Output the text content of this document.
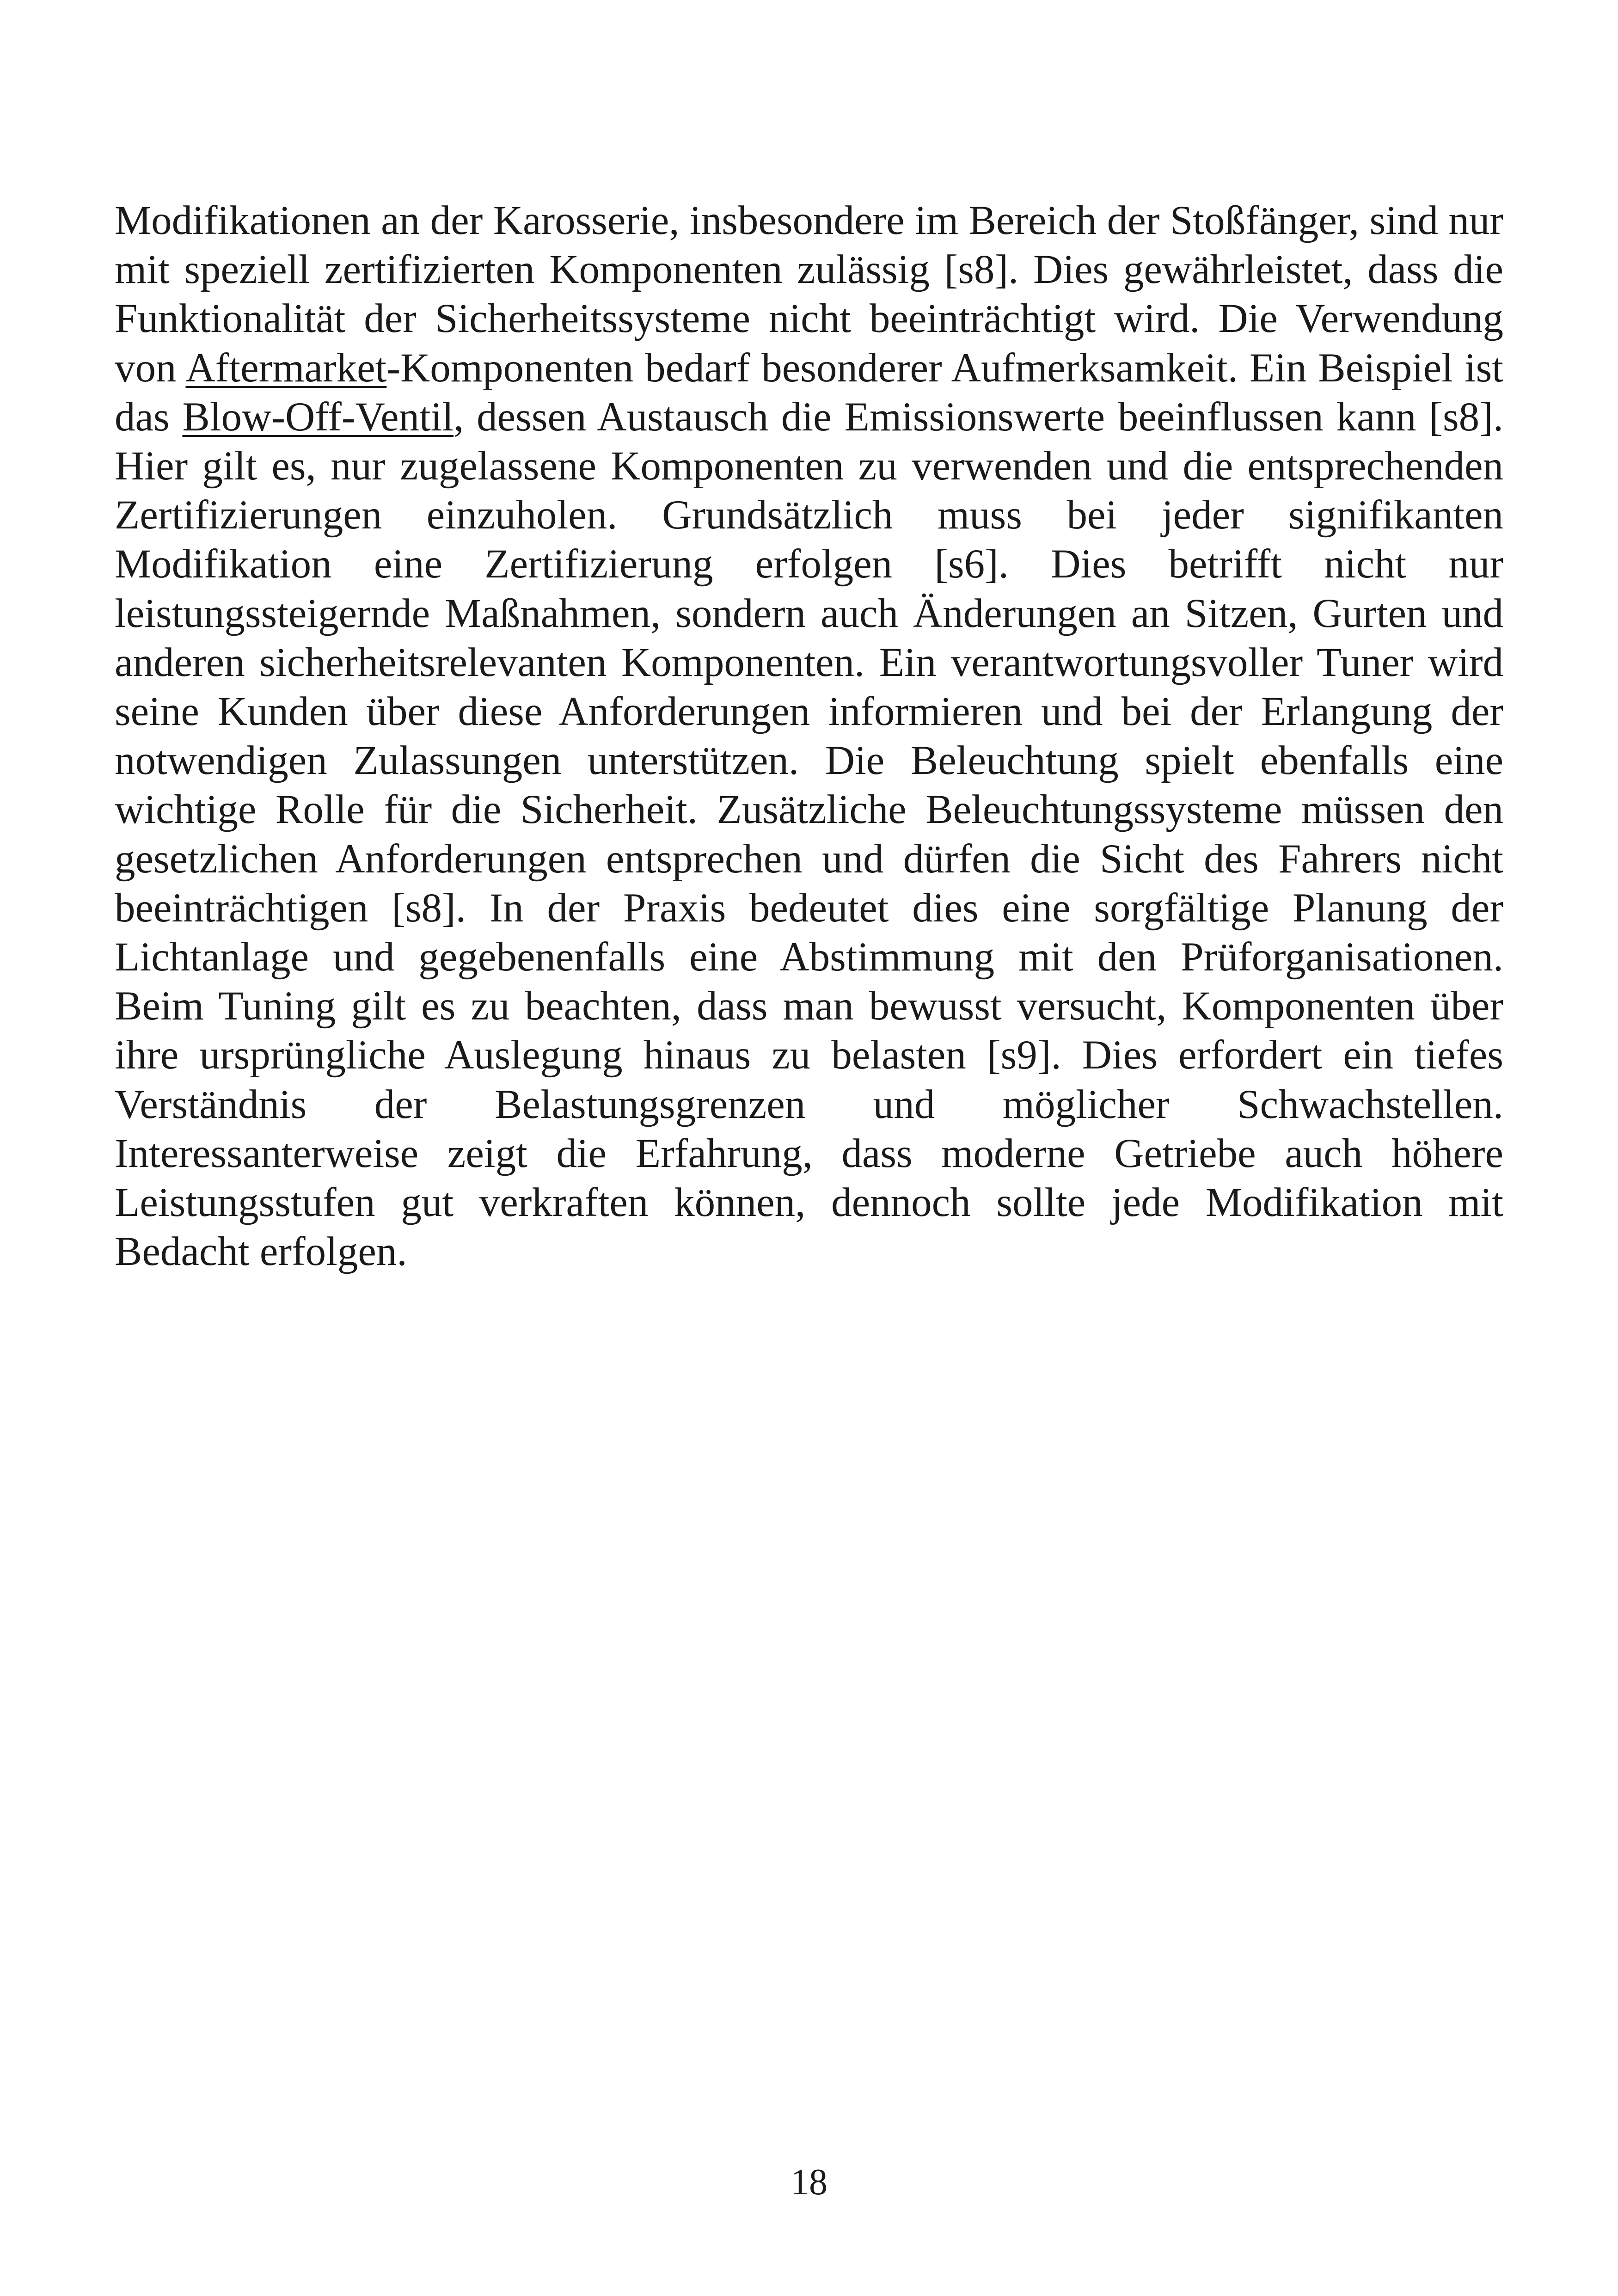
Modifikationen an der Karosserie, insbesondere im Bereich der Stoßfänger, sind nur mit speziell zertifizierten Komponenten zulässig [s8]. Dies gewährleistet, dass die Funktionalität der Sicherheitssysteme nicht beeinträchtigt wird. Die Verwendung von Aftermarket-Komponenten bedarf besonderer Aufmerksamkeit. Ein Beispiel ist das Blow-Off-Ventil, dessen Austausch die Emissionswerte beeinflussen kann [s8]. Hier gilt es, nur zugelassene Komponenten zu verwenden und die entsprechenden Zertifizierungen einzuholen. Grundsätzlich muss bei jeder signifikanten Modifikation eine Zertifizierung erfolgen [s6]. Dies betrifft nicht nur leistungssteigernde Maßnahmen, sondern auch Änderungen an Sitzen, Gurten und anderen sicherheitsrelevanten Komponenten. Ein verantwortungsvoller Tuner wird seine Kunden über diese Anforderungen informieren und bei der Erlangung der notwendigen Zulassungen unterstützen. Die Beleuchtung spielt ebenfalls eine wichtige Rolle für die Sicherheit. Zusätzliche Beleuchtungssysteme müssen den gesetzlichen Anforderungen entsprechen und dürfen die Sicht des Fahrers nicht beeinträchtigen [s8]. In der Praxis bedeutet dies eine sorgfältige Planung der Lichtanlage und gegebenenfalls eine Abstimmung mit den Prüforganisationen. Beim Tuning gilt es zu beachten, dass man bewusst versucht, Komponenten über ihre ursprüngliche Auslegung hinaus zu belasten [s9]. Dies erfordert ein tiefes Verständnis der Belastungsgrenzen und möglicher Schwachstellen. Interessanterweise zeigt die Erfahrung, dass moderne Getriebe auch höhere Leistungsstufen gut verkraften können, dennoch sollte jede Modifikation mit Bedacht erfolgen.

18
